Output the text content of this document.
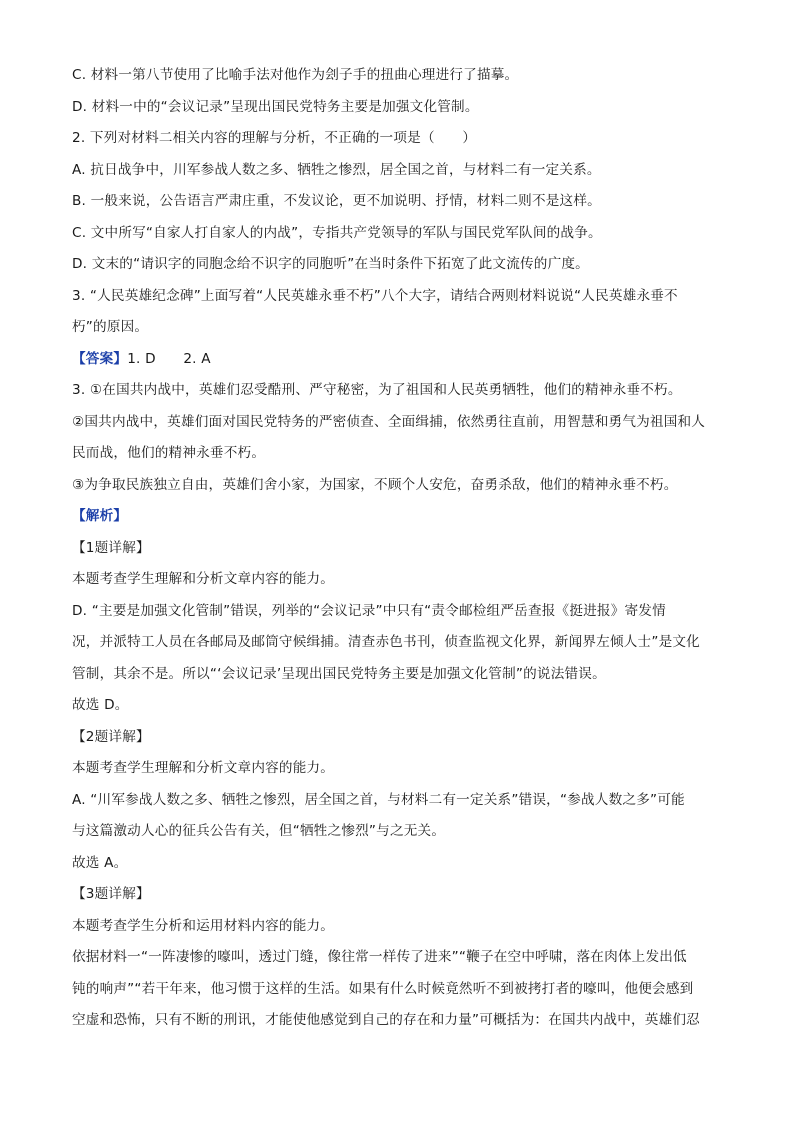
C. 材料一第八节使用了比喻手法对他作为刽子手的扭曲心理进行了描摹。
D. 材料一中的“会议记录”呈现出国民党特务主要是加强文化管制。
2. 下列对材料二相关内容的理解与分析，不正确的一项是（　　）
A. 抗日战争中，川军参战人数之多、牺牲之惨烈，居全国之首，与材料二有一定关系。
B. 一般来说，公告语言严肃庄重，不发议论，更不加说明、抒情，材料二则不是这样。
C. 文中所写“自家人打自家人的内战”，专指共产党领导的军队与国民党军队间的战争。
D. 文末的“请识字的同胞念给不识字的同胞听”在当时条件下拓宽了此文流传的广度。
3. “人民英雄纪念碑”上面写着“人民英雄永垂不朽”八个大字，请结合两则材料说说“人民英雄永垂不
朽”的原因。
【答案】1. D　　2. A
3. ①在国共内战中，英雄们忍受酷刑、严守秘密，为了祖国和人民英勇牺牲，他们的精神永垂不朽。
②国共内战中，英雄们面对国民党特务的严密侦查、全面缉捕，依然勇往直前，用智慧和勇气为祖国和人
民而战，他们的精神永垂不朽。
③为争取民族独立自由，英雄们舍小家，为国家，不顾个人安危，奋勇杀敌，他们的精神永垂不朽。
【解析】
【1题详解】
本题考查学生理解和分析文章内容的能力。
D. “主要是加强文化管制”错误，列举的“会议记录”中只有“责令邮检组严岳查报《挺进报》寄发情
况，并派特工人员在各邮局及邮筒守候缉捕。清查赤色书刊，侦查监视文化界，新闻界左倾人士”是文化
管制，其余不是。所以“‘会议记录’呈现出国民党特务主要是加强文化管制”的说法错误。
故选 D。
【2题详解】
本题考查学生理解和分析文章内容的能力。
A. “川军参战人数之多、牺牲之惨烈，居全国之首，与材料二有一定关系”错误，“参战人数之多”可能
与这篇激动人心的征兵公告有关，但“牺牲之惨烈”与之无关。
故选 A。
【3题详解】
本题考查学生分析和运用材料内容的能力。
依据材料一“一阵凄惨的嚎叫，透过门缝，像往常一样传了进来”“鞭子在空中呼啸，落在肉体上发出低
钝的响声”“若干年来，他习惯于这样的生活。如果有什么时候竟然听不到被拷打者的嚎叫，他便会感到
空虚和恐怖，只有不断的刑讯，才能使他感觉到自己的存在和力量”可概括为：在国共内战中，英雄们忍
